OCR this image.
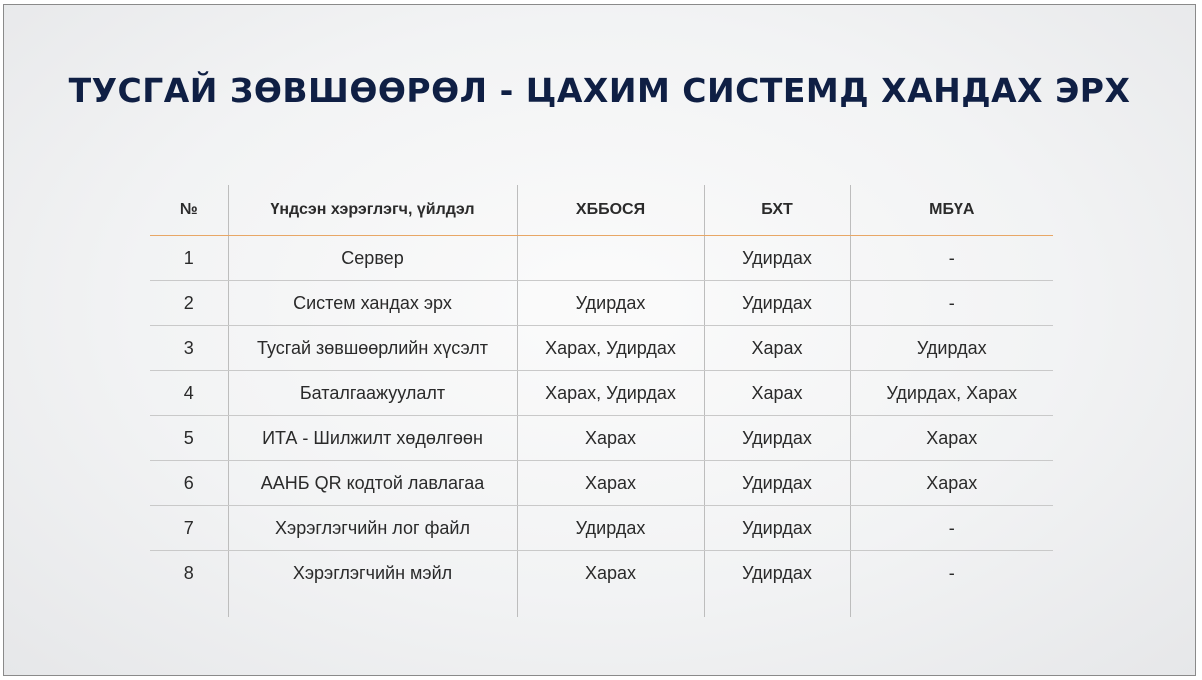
ТУСГАЙ ЗӨВШӨӨРӨЛ - ЦАХИМ СИСТЕМД ХАНДАХ ЭРХ
№	Үндсэн хэрэглэгч, үйлдэл	ХББОСЯ	БХТ	МБҮА
1	Сервер		Удирдах	-
2	Систем хандах эрх	Удирдах	Удирдах	-
3	Тусгай зөвшөөрлийн хүсэлт	Харах, Удирдах	Харах	Удирдах
4	Баталгаажуулалт	Харах, Удирдах	Харах	Удирдах, Харах
5	ИТА - Шилжилт хөдөлгөөн	Харах	Удирдах	Харах
6	ААНБ QR кодтой лавлагаа	Харах	Удирдах	Харах
7	Хэрэглэгчийн лог файл	Удирдах	Удирдах	-
8	Хэрэглэгчийн мэйл	Харах	Удирдах	-
